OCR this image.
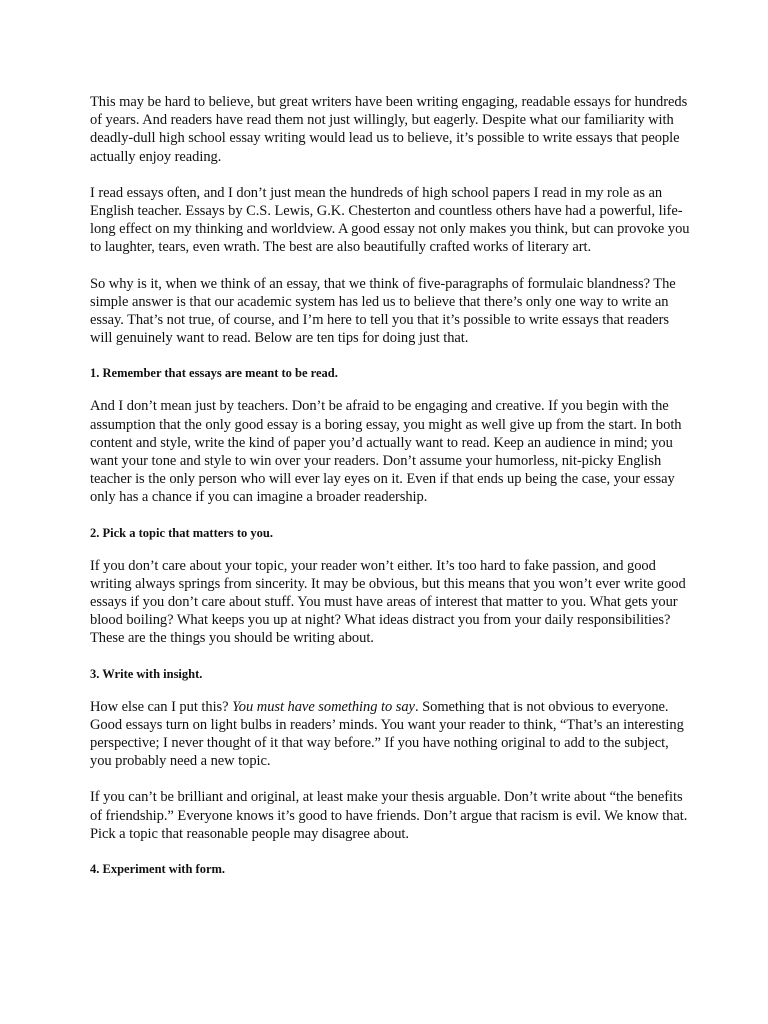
This may be hard to believe, but great writers have been writing engaging, readable essays for hundreds of years. And readers have read them not just willingly, but eagerly. Despite what our familiarity with deadly-dull high school essay writing would lead us to believe, it’s possible to write essays that people actually enjoy reading.

I read essays often, and I don’t just mean the hundreds of high school papers I read in my role as an English teacher. Essays by C.S. Lewis, G.K. Chesterton and countless others have had a powerful, life-long effect on my thinking and worldview. A good essay not only makes you think, but can provoke you to laughter, tears, even wrath. The best are also beautifully crafted works of literary art.

So why is it, when we think of an essay, that we think of five-paragraphs of formulaic blandness? The simple answer is that our academic system has led us to believe that there’s only one way to write an essay. That’s not true, of course, and I’m here to tell you that it’s possible to write essays that readers will genuinely want to read. Below are ten tips for doing just that.

1. Remember that essays are meant to be read.

And I don’t mean just by teachers. Don’t be afraid to be engaging and creative. If you begin with the assumption that the only good essay is a boring essay, you might as well give up from the start. In both content and style, write the kind of paper you’d actually want to read. Keep an audience in mind; you want your tone and style to win over your readers. Don’t assume your humorless, nit-picky English teacher is the only person who will ever lay eyes on it. Even if that ends up being the case, your essay only has a chance if you can imagine a broader readership.

2. Pick a topic that matters to you.

If you don’t care about your topic, your reader won’t either. It’s too hard to fake passion, and good writing always springs from sincerity. It may be obvious, but this means that you won’t ever write good essays if you don’t care about stuff. You must have areas of interest that matter to you. What gets your blood boiling? What keeps you up at night? What ideas distract you from your daily responsibilities? These are the things you should be writing about.

3. Write with insight.

How else can I put this? You must have something to say. Something that is not obvious to everyone. Good essays turn on light bulbs in readers’ minds. You want your reader to think, “That’s an interesting perspective; I never thought of it that way before.” If you have nothing original to add to the subject, you probably need a new topic.

If you can’t be brilliant and original, at least make your thesis arguable. Don’t write about “the benefits of friendship.” Everyone knows it’s good to have friends. Don’t argue that racism is evil. We know that. Pick a topic that reasonable people may disagree about.

4. Experiment with form.
